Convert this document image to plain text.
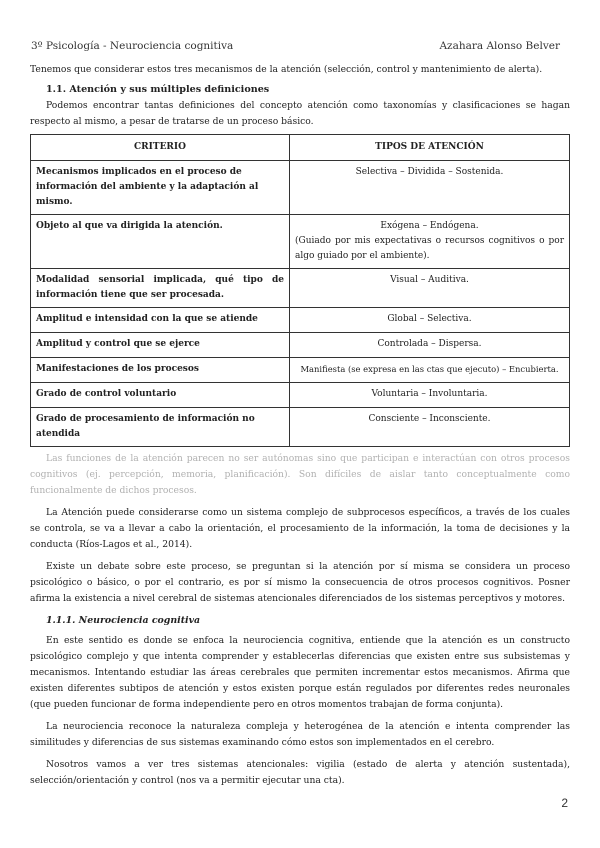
3º Psicología - Neurociencia cognitiva	Azahara Alonso Belver

Tenemos que considerar estos tres mecanismos de la atención (selección, control y mantenimiento de alerta).

1.1. Atención y sus múltiples definiciones

Podemos encontrar tantas definiciones del concepto atención como taxonomías y clasificaciones se hagan respecto al mismo, a pesar de tratarse de un proceso básico.

CRITERIO	TIPOS DE ATENCIÓN
Mecanismos implicados en el proceso de información del ambiente y la adaptación al mismo.	Selectiva – Dividida – Sostenida.
Objeto al que va dirigida la atención.	Exógena – Endógena.
(Guiado por mis expectativas o recursos cognitivos o por algo guiado por el ambiente).

Modalidad sensorial implicada, qué tipo de información tiene que ser procesada.	Visual – Auditiva.
Amplitud e intensidad con la que se atiende	Global – Selectiva.
Amplitud y control que se ejerce	Controlada – Dispersa.
Manifestaciones de los procesos	Manifiesta (se expresa en las ctas que ejecuto) – Encubierta.
Grado de control voluntario	Voluntaria – Involuntaria.
Grado de procesamiento de información no atendida	Consciente – Inconsciente.

Las funciones de la atención parecen no ser autónomas sino que participan e interactúan con otros procesos cognitivos (ej. percepción, memoria, planificación). Son difíciles de aislar tanto conceptualmente como funcionalmente de dichos procesos.

La Atención puede considerarse como un sistema complejo de subprocesos específicos, a través de los cuales se controla, se va a llevar a cabo la orientación, el procesamiento de la información, la toma de decisiones y la conducta (Ríos-Lagos et al., 2014).

Existe un debate sobre este proceso, se preguntan si la atención por sí misma se considera un proceso psicológico o básico, o por el contrario, es por sí mismo la consecuencia de otros procesos cognitivos. Posner afirma la existencia a nivel cerebral de sistemas atencionales diferenciados de los sistemas perceptivos y motores.

1.1.1. Neurociencia cognitiva

En este sentido es donde se enfoca la neurociencia cognitiva, entiende que la atención es un constructo psicológico complejo y que intenta comprender y establecerlas diferencias que existen entre sus subsistemas y mecanismos. Intentando estudiar las áreas cerebrales que permiten incrementar estos mecanismos. Afirma que existen diferentes subtipos de atención y estos existen porque están regulados por diferentes redes neuronales (que pueden funcionar de forma independiente pero en otros momentos trabajan de forma conjunta).

La neurociencia reconoce la naturaleza compleja y heterogénea de la atención e intenta comprender las similitudes y diferencias de sus sistemas examinando cómo estos son implementados en el cerebro.

Nosotros vamos a ver tres sistemas atencionales: vigilia (estado de alerta y atención sustentada), selección/orientación y control (nos va a permitir ejecutar una cta).

2
